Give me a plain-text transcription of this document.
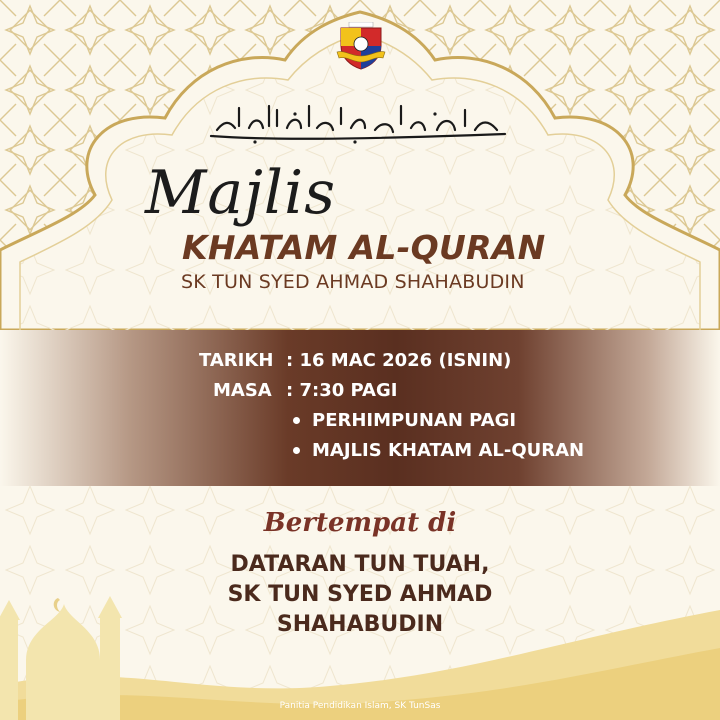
Majlis
KHATAM AL-QURAN

SK TUN SYED AHMAD SHAHABUDIN

TARIKH : 16 MAC 2026 (ISNIN)
MASA : 7:30 PAGI
PERHIMPUNAN PAGI
MAJLIS KHATAM AL-QURAN
Bertempat di
DATARAN TUN TUAH,
SK TUN SYED AHMAD
SHAHABUDIN
Panitia Pendidikan Islam, SK TunSas
